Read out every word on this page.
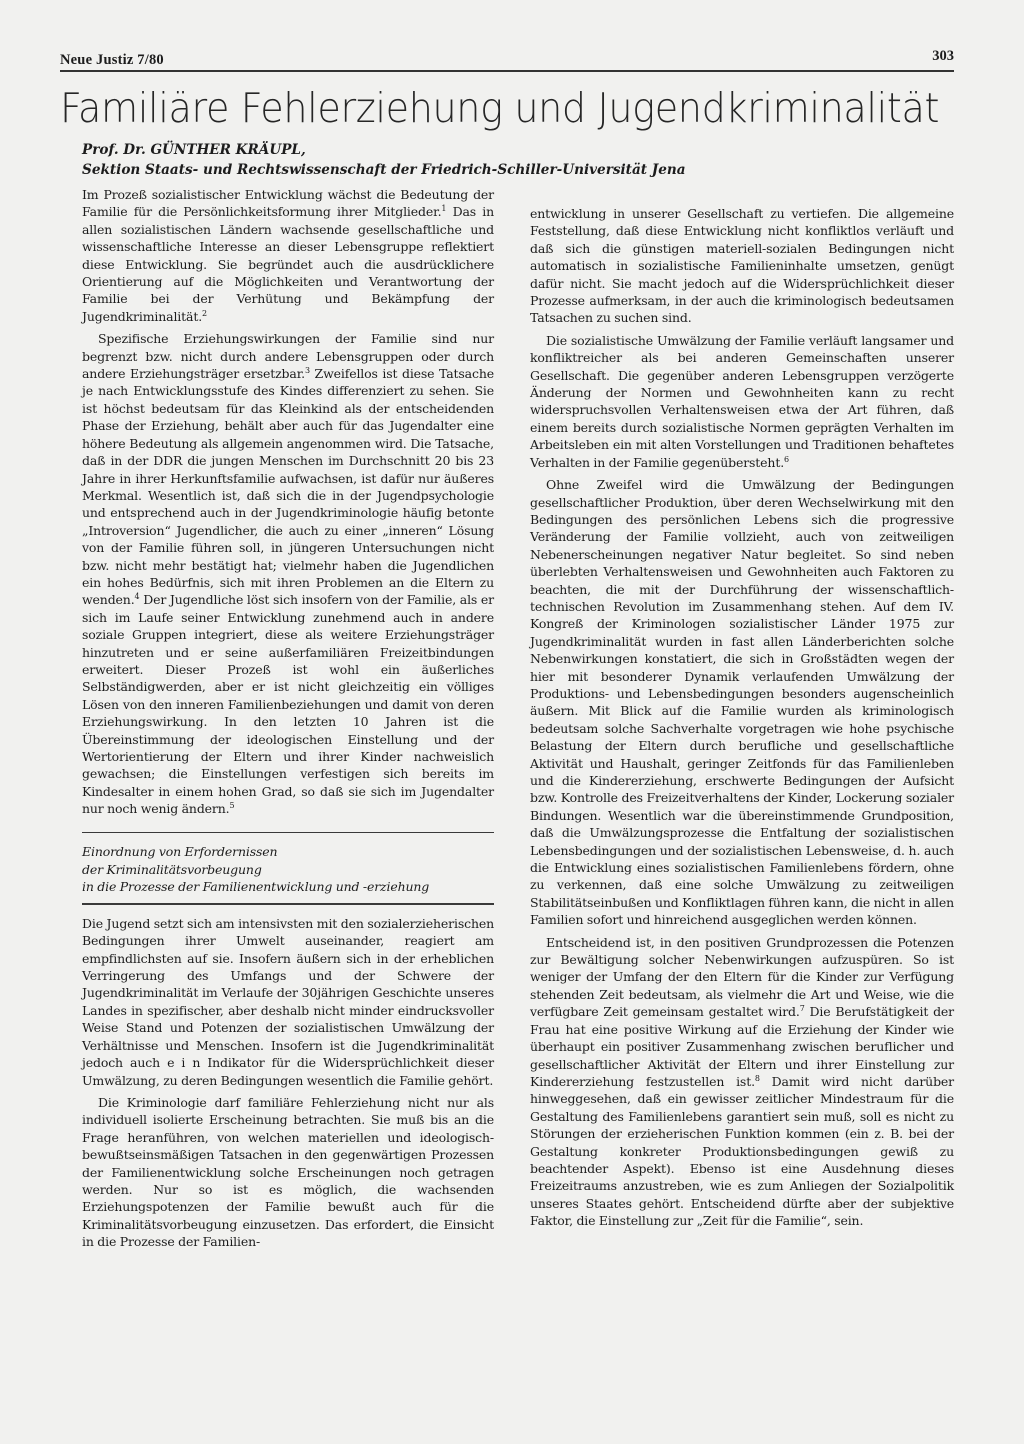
Neue Justiz 7/80	303
Familiäre Fehlerziehung und Jugendkriminalität
Prof. Dr. GÜNTHER KRÄUPL,
Sektion Staats- und Rechtswissenschaft der Friedrich-Schiller-Universität Jena

Im Prozeß sozialistischer Entwicklung wächst die Bedeutung der Familie für die Persönlichkeitsformung ihrer Mitglieder.$^1$ Das in allen sozialistischen Ländern wachsende gesellschaftliche und wissenschaftliche Interesse an dieser Lebensgruppe reflektiert diese Entwicklung. Sie begründet auch die ausdrücklichere Orientierung auf die Möglichkeiten und Verantwortung der Familie bei der Verhütung und Bekämpfung der Jugendkriminalität.$^2$

Spezifische Erziehungswirkungen der Familie sind nur begrenzt bzw. nicht durch andere Lebensgruppen oder durch andere Erziehungsträger ersetzbar.$^3$ Zweifellos ist diese Tatsache je nach Entwicklungsstufe des Kindes differenziert zu sehen. Sie ist höchst bedeutsam für das Kleinkind als der entscheidenden Phase der Erziehung, behält aber auch für das Jugendalter eine höhere Bedeutung als allgemein angenommen wird. Die Tatsache, daß in der DDR die jungen Menschen im Durchschnitt 20 bis 23 Jahre in ihrer Herkunftsfamilie aufwachsen, ist dafür nur äußeres Merkmal. Wesentlich ist, daß sich die in der Jugendpsychologie und entsprechend auch in der Jugendkriminologie häufig betonte „Introversion“ Jugendlicher, die auch zu einer „inneren“ Lösung von der Familie führen soll, in jüngeren Untersuchungen nicht bzw. nicht mehr bestätigt hat; vielmehr haben die Jugendlichen ein hohes Bedürfnis, sich mit ihren Problemen an die Eltern zu wenden.$^4$ Der Jugendliche löst sich insofern von der Familie, als er sich im Laufe seiner Entwicklung zunehmend auch in andere soziale Gruppen integriert, diese als weitere Erziehungsträger hinzutreten und er seine außerfamiliären Freizeitbindungen erweitert. Dieser Prozeß ist wohl ein äußerliches Selbständigwerden, aber er ist nicht gleichzeitig ein völliges Lösen von den inneren Familienbeziehungen und damit von deren Erziehungswirkung. In den letzten 10 Jahren ist die Übereinstimmung der ideologischen Einstellung und der Wertorientierung der Eltern und ihrer Kinder nachweislich gewachsen; die Einstellungen verfestigen sich bereits im Kindesalter in einem hohen Grad, so daß sie sich im Jugendalter nur noch wenig ändern.$^5$

Einordnung von Erfordernissen
der Kriminalitätsvorbeugung
in die Prozesse der Familienentwicklung und -erziehung

Die Jugend setzt sich am intensivsten mit den sozialerzieherischen Bedingungen ihrer Umwelt auseinander, reagiert am empfindlichsten auf sie. Insofern äußern sich in der erheblichen Verringerung des Umfangs und der Schwere der Jugendkriminalität im Verlaufe der 30jährigen Geschichte unseres Landes in spezifischer, aber deshalb nicht minder eindrucksvoller Weise Stand und Potenzen der sozialistischen Umwälzung der Verhältnisse und Menschen. Insofern ist die Jugendkriminalität jedoch auch e i n Indikator für die Widersprüchlichkeit dieser Umwälzung, zu deren Bedingungen wesentlich die Familie gehört.

Die Kriminologie darf familiäre Fehlerziehung nicht nur als individuell isolierte Erscheinung betrachten. Sie muß bis an die Frage heranführen, von welchen materiellen und ideologisch-bewußtseinsmäßigen Tatsachen in den gegenwärtigen Prozessen der Familienentwicklung solche Erscheinungen noch getragen werden. Nur so ist es möglich, die wachsenden Erziehungspotenzen der Familie bewußt auch für die Kriminalitätsvorbeugung einzusetzen. Das erfordert, die Einsicht in die Prozesse der Familien-

entwicklung in unserer Gesellschaft zu vertiefen. Die allgemeine Feststellung, daß diese Entwicklung nicht konfliktlos verläuft und daß sich die günstigen materiell-sozialen Bedingungen nicht automatisch in sozialistische Familieninhalte umsetzen, genügt dafür nicht. Sie macht jedoch auf die Widersprüchlichkeit dieser Prozesse aufmerksam, in der auch die kriminologisch bedeutsamen Tatsachen zu suchen sind.

Die sozialistische Umwälzung der Familie verläuft langsamer und konfliktreicher als bei anderen Gemeinschaften unserer Gesellschaft. Die gegenüber anderen Lebensgruppen verzögerte Änderung der Normen und Gewohnheiten kann zu recht widerspruchsvollen Verhaltensweisen etwa der Art führen, daß einem bereits durch sozialistische Normen geprägten Verhalten im Arbeitsleben ein mit alten Vorstellungen und Traditionen behaftetes Verhalten in der Familie gegenübersteht.$^6$

Ohne Zweifel wird die Umwälzung der Bedingungen gesellschaftlicher Produktion, über deren Wechselwirkung mit den Bedingungen des persönlichen Lebens sich die progressive Veränderung der Familie vollzieht, auch von zeitweiligen Nebenerscheinungen negativer Natur begleitet. So sind neben überlebten Verhaltensweisen und Gewohnheiten auch Faktoren zu beachten, die mit der Durchführung der wissenschaftlich-technischen Revolution im Zusammenhang stehen. Auf dem IV. Kongreß der Kriminologen sozialistischer Länder 1975 zur Jugendkriminalität wurden in fast allen Länderberichten solche Nebenwirkungen konstatiert, die sich in Großstädten wegen der hier mit besonderer Dynamik verlaufenden Umwälzung der Produktions- und Lebensbedingungen besonders augenscheinlich äußern. Mit Blick auf die Familie wurden als kriminologisch bedeutsam solche Sachverhalte vorgetragen wie hohe psychische Belastung der Eltern durch berufliche und gesellschaftliche Aktivität und Haushalt, geringer Zeitfonds für das Familienleben und die Kindererziehung, erschwerte Bedingungen der Aufsicht bzw. Kontrolle des Freizeitverhaltens der Kinder, Lockerung sozialer Bindungen. Wesentlich war die übereinstimmende Grundposition, daß die Umwälzungsprozesse die Entfaltung der sozialistischen Lebensbedingungen und der sozialistischen Lebensweise, d. h. auch die Entwicklung eines sozialistischen Familienlebens fördern, ohne zu verkennen, daß eine solche Umwälzung zu zeitweiligen Stabilitätseinbußen und Konfliktlagen führen kann, die nicht in allen Familien sofort und hinreichend ausgeglichen werden können.

Entscheidend ist, in den positiven Grundprozessen die Potenzen zur Bewältigung solcher Nebenwirkungen aufzuspüren. So ist weniger der Umfang der den Eltern für die Kinder zur Verfügung stehenden Zeit bedeutsam, als vielmehr die Art und Weise, wie die verfügbare Zeit gemeinsam gestaltet wird.$^7$ Die Berufstätigkeit der Frau hat eine positive Wirkung auf die Erziehung der Kinder wie überhaupt ein positiver Zusammenhang zwischen beruflicher und gesellschaftlicher Aktivität der Eltern und ihrer Einstellung zur Kindererziehung festzustellen ist.$^8$ Damit wird nicht darüber hinweggesehen, daß ein gewisser zeitlicher Mindestraum für die Gestaltung des Familienlebens garantiert sein muß, soll es nicht zu Störungen der erzieherischen Funktion kommen (ein z. B. bei der Gestaltung konkreter Produktionsbedingungen gewiß zu beachtender Aspekt). Ebenso ist eine Ausdehnung dieses Freizeitraums anzustreben, wie es zum Anliegen der Sozialpolitik unseres Staates gehört. Entscheidend dürfte aber der subjektive Faktor, die Einstellung zur „Zeit für die Familie“, sein.
